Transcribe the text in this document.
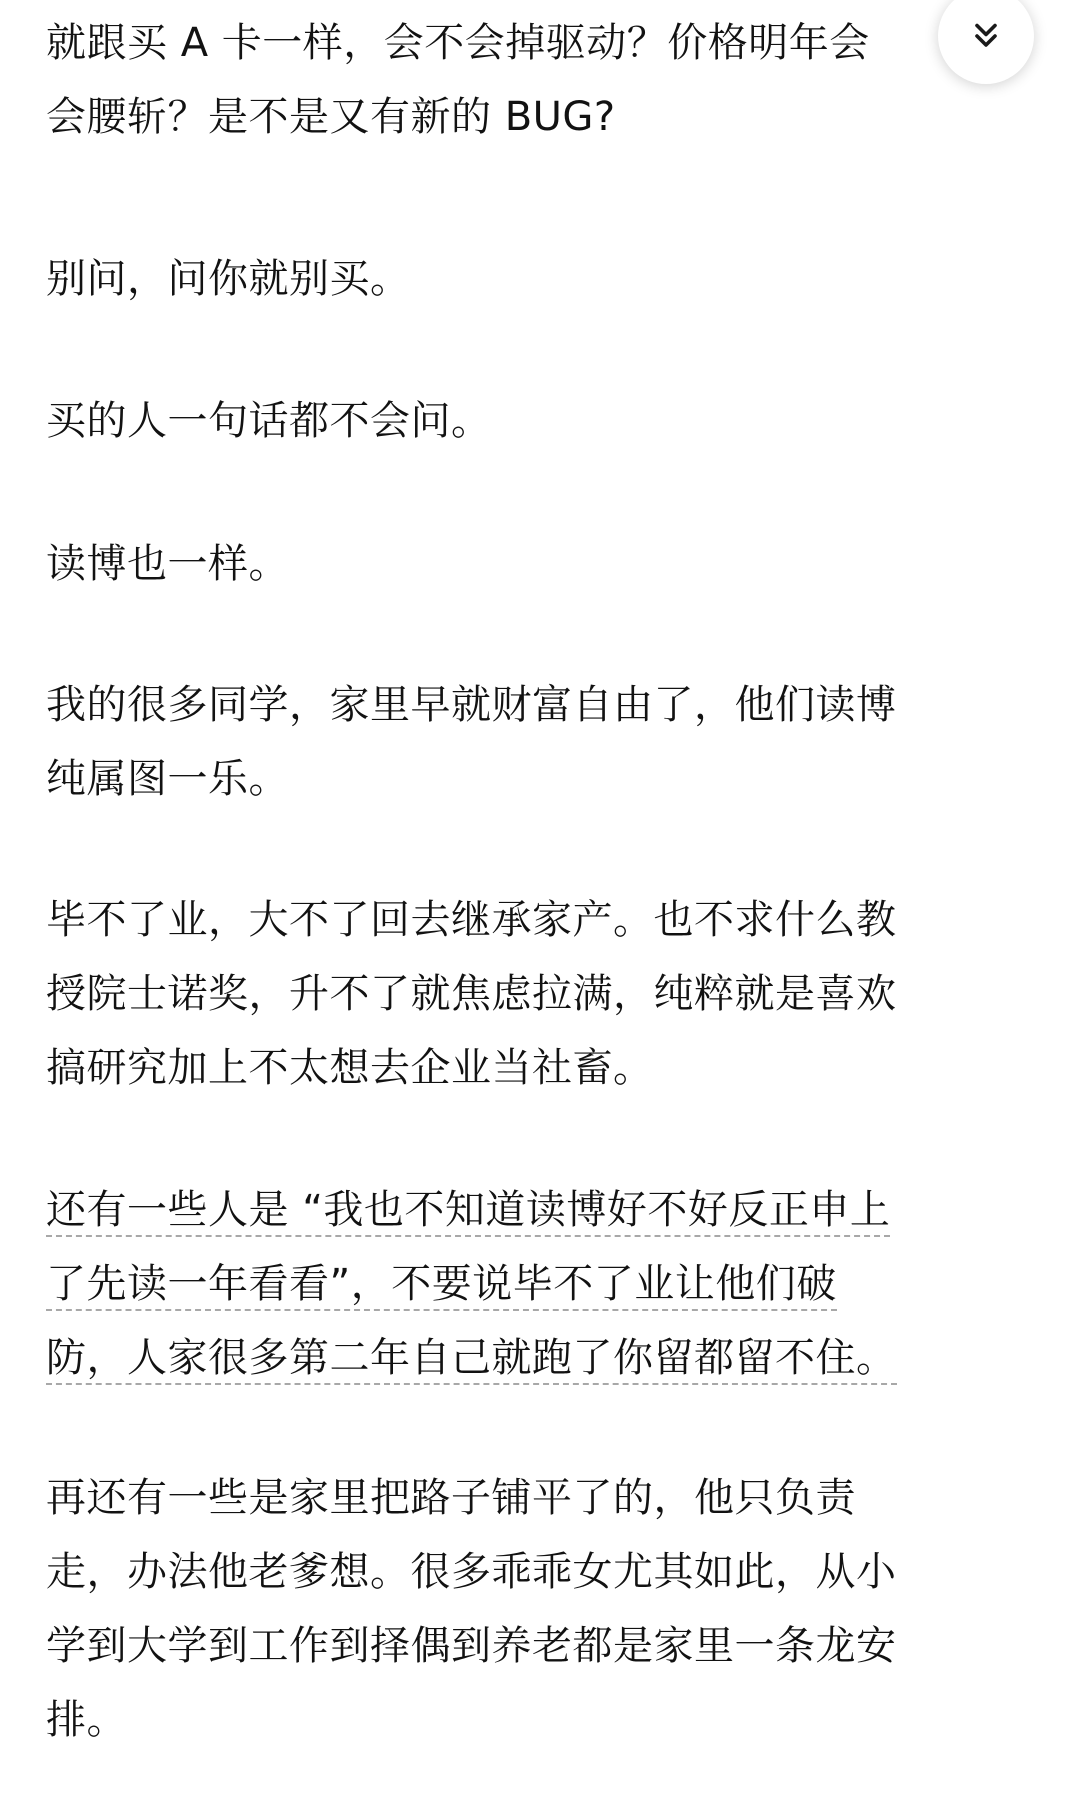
就跟买 A 卡一样，会不会掉驱动？价格明年会
会腰斩？是不是又有新的 BUG?

别问，问你就别买。

买的人一句话都不会问。

读博也一样。

我的很多同学，家里早就财富自由了，他们读博
纯属图一乐。

毕不了业，大不了回去继承家产。也不求什么教
授院士诺奖，升不了就焦虑拉满，纯粹就是喜欢
搞研究加上不太想去企业当社畜。

还有一些人是 “我也不知道读博好不好反正申上
了先读一年看看”，不要说毕不了业让他们破
防，人家很多第二年自己就跑了你留都留不住。

再还有一些是家里把路子铺平了的，他只负责
走，办法他老爹想。很多乖乖女尤其如此，从小
学到大学到工作到择偶到养老都是家里一条龙安
排。
